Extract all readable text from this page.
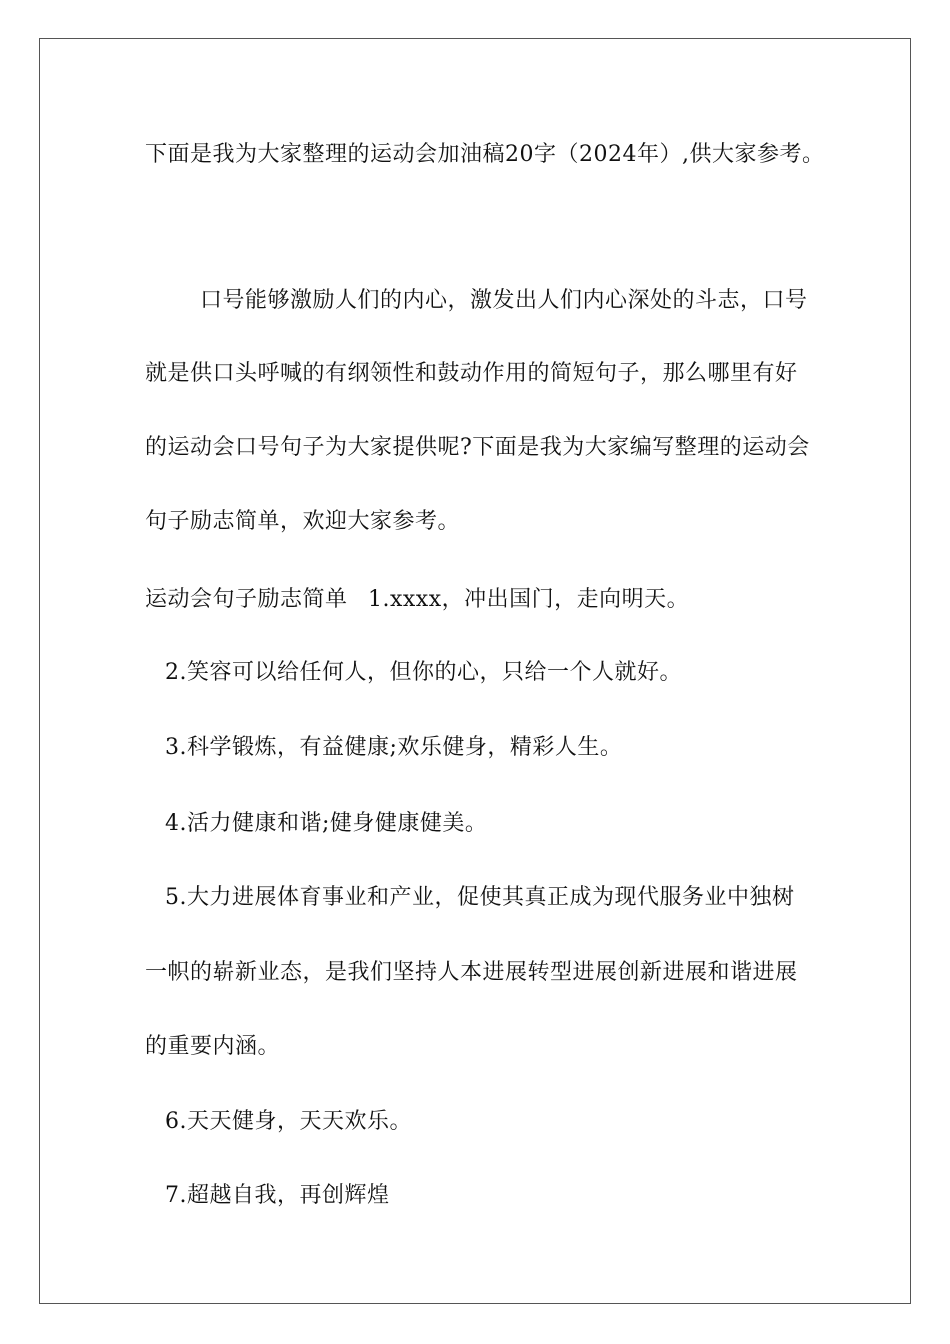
下面是我为大家整理的运动会加油稿20字（2024年）,供大家参考。
口号能够激励人们的内心，激发出人们内心深处的斗志，口号
就是供口头呼喊的有纲领性和鼓动作用的简短句子，那么哪里有好
的运动会口号句子为大家提供呢?下面是我为大家编写整理的运动会
句子励志简单，欢迎大家参考。
运动会句子励志简单 1.xxxx，冲出国门，走向明天。
2.笑容可以给任何人，但你的心，只给一个人就好。
3.科学锻炼，有益健康;欢乐健身，精彩人生。
4.活力健康和谐;健身健康健美。
5.大力进展体育事业和产业，促使其真正成为现代服务业中独树
一帜的崭新业态，是我们坚持人本进展转型进展创新进展和谐进展
的重要内涵。
6.天天健身，天天欢乐。
7.超越自我，再创辉煌
